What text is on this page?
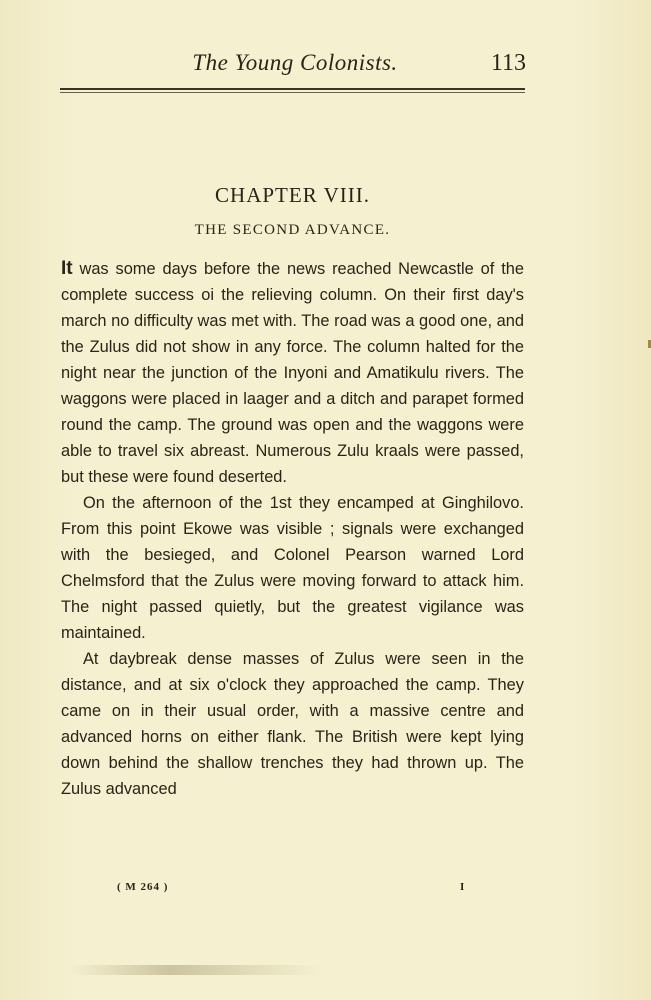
The Young Colonists.	113
CHAPTER VIII.
THE SECOND ADVANCE.

It was some days before the news reached Newcastle of the complete success oi the relieving column. On their first day's march no difficulty was met with. The road was a good one, and the Zulus did not show in any force. The column halted for the night near the junction of the Inyoni and Amatikulu rivers. The waggons were placed in laager and a ditch and parapet formed round the camp. The ground was open and the waggons were able to travel six abreast. Numerous Zulu kraals were passed, but these were found deserted.

On the afternoon of the 1st they encamped at Ginghilovo. From this point Ekowe was visible ; signals were exchanged with the besieged, and Colonel Pearson warned Lord Chelmsford that the Zulus were moving forward to attack him. The night passed quietly, but the greatest vigilance was maintained.

At daybreak dense masses of Zulus were seen in the distance, and at six o'clock they approached the camp. They came on in their usual order, with a massive centre and advanced horns on either flank. The British were kept lying down behind the shallow trenches they had thrown up. The Zulus advanced

( M 264 )	I
